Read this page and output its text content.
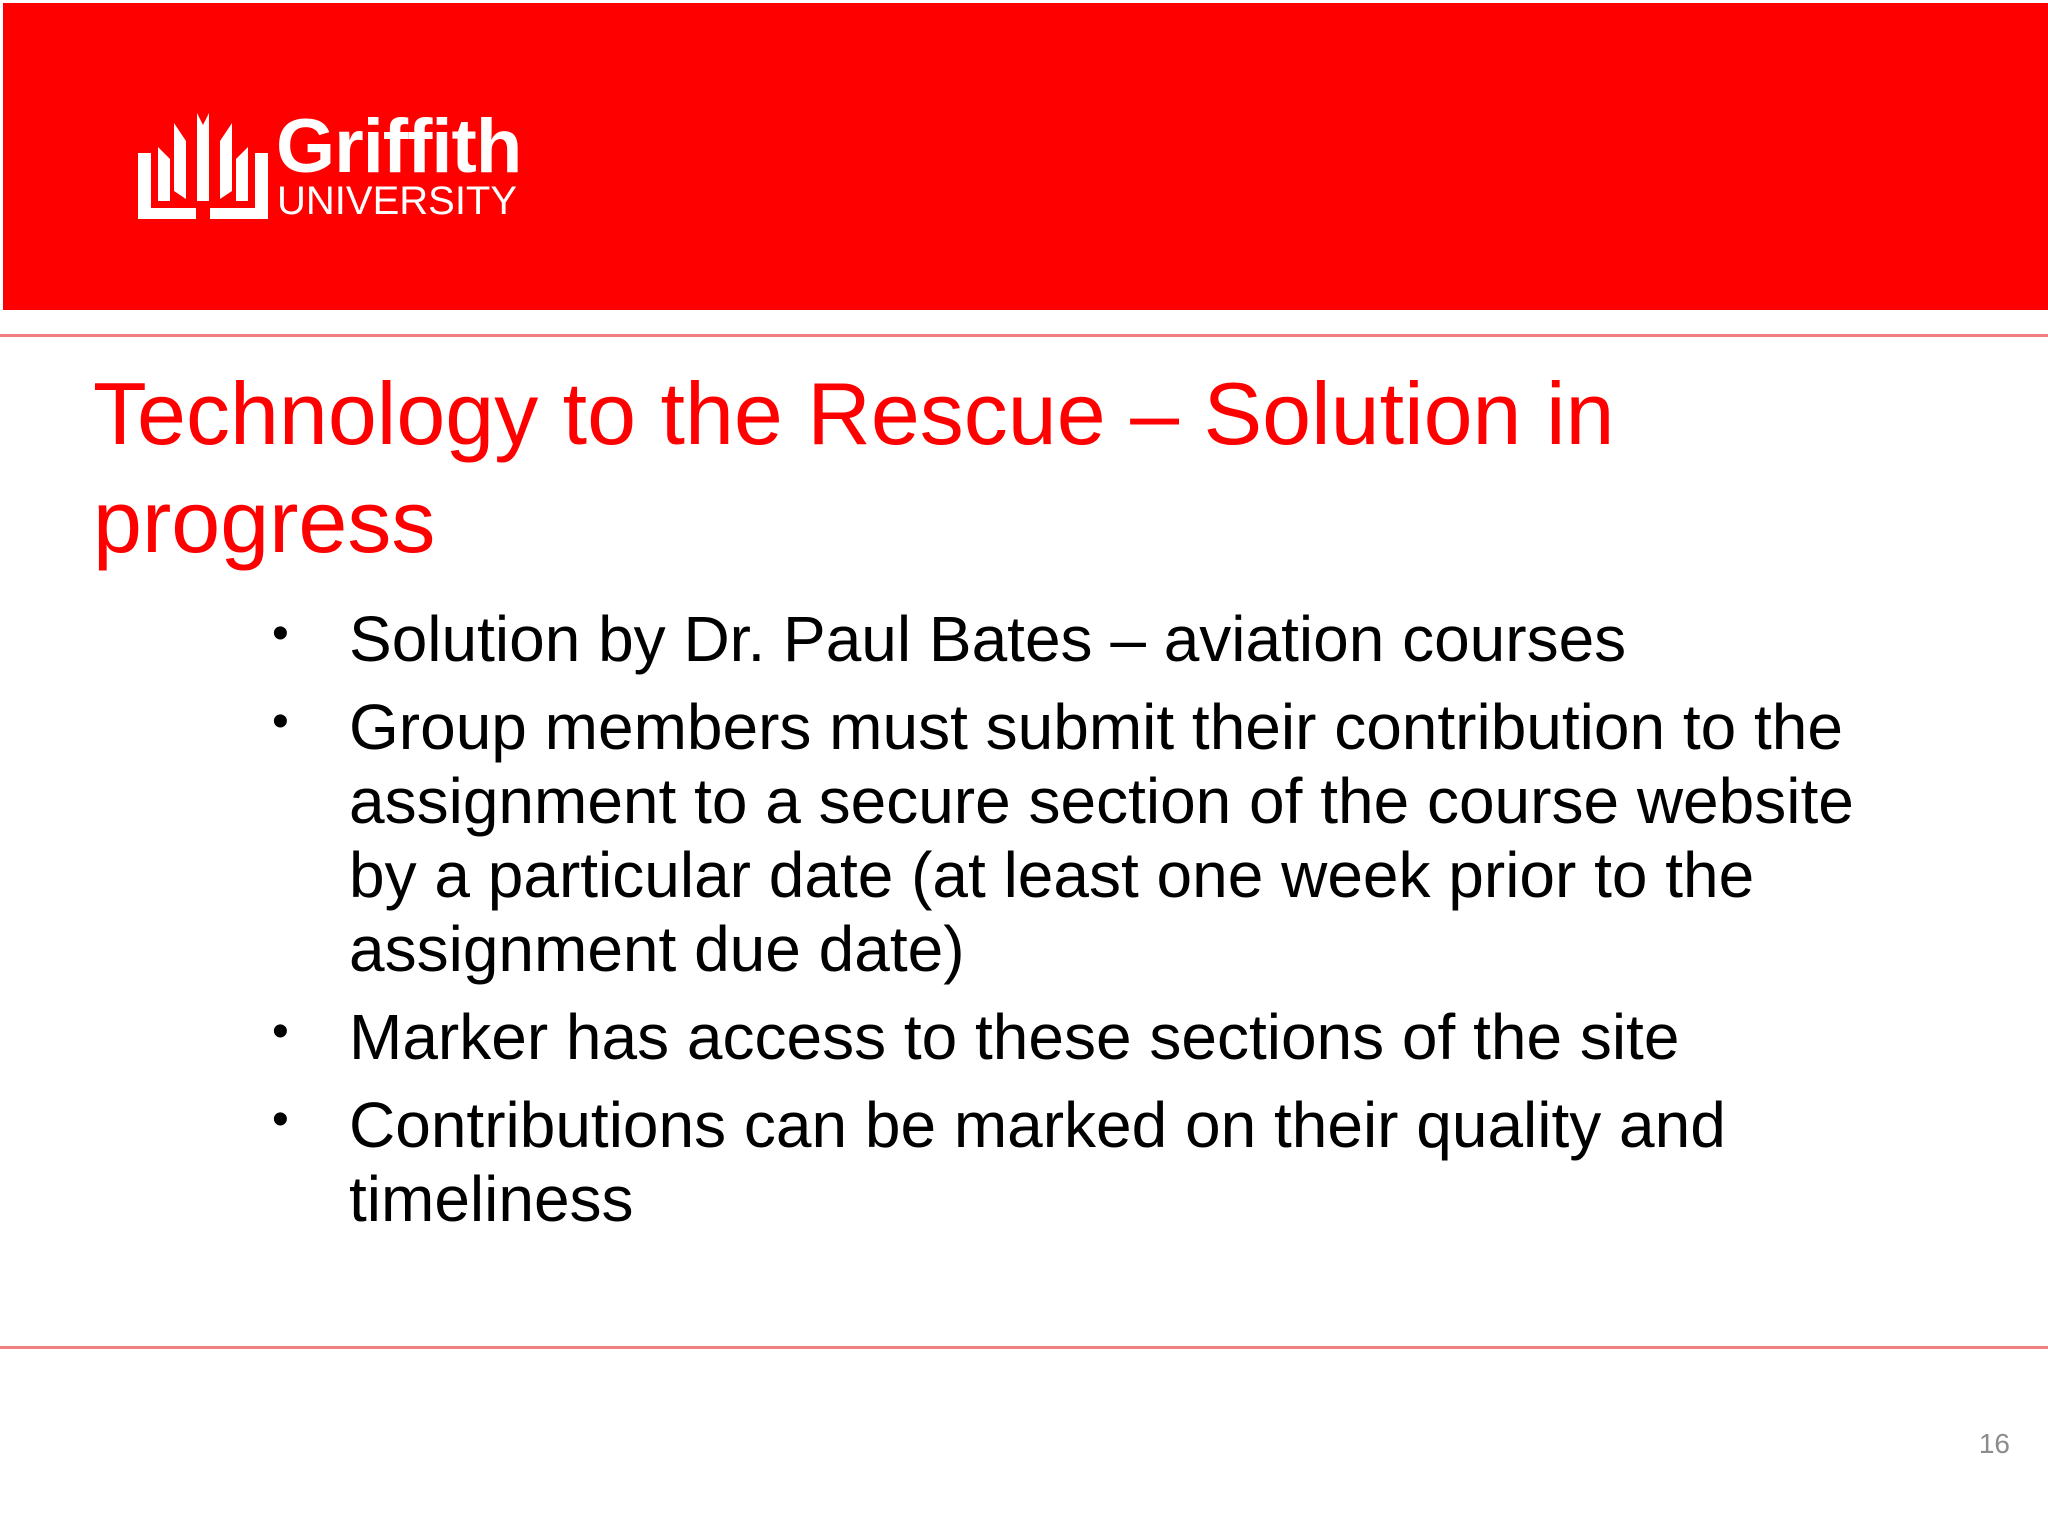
Griffith
UNIVERSITY
Technology to the Rescue – Solution in progress
• Solution by Dr. Paul Bates – aviation courses
• Group members must submit their contribution to the assignment to a secure section of the course website by a particular date (at least one week prior to the assignment due date)
• Marker has access to these sections of the site
• Contributions can be marked on their quality and timeliness
16
